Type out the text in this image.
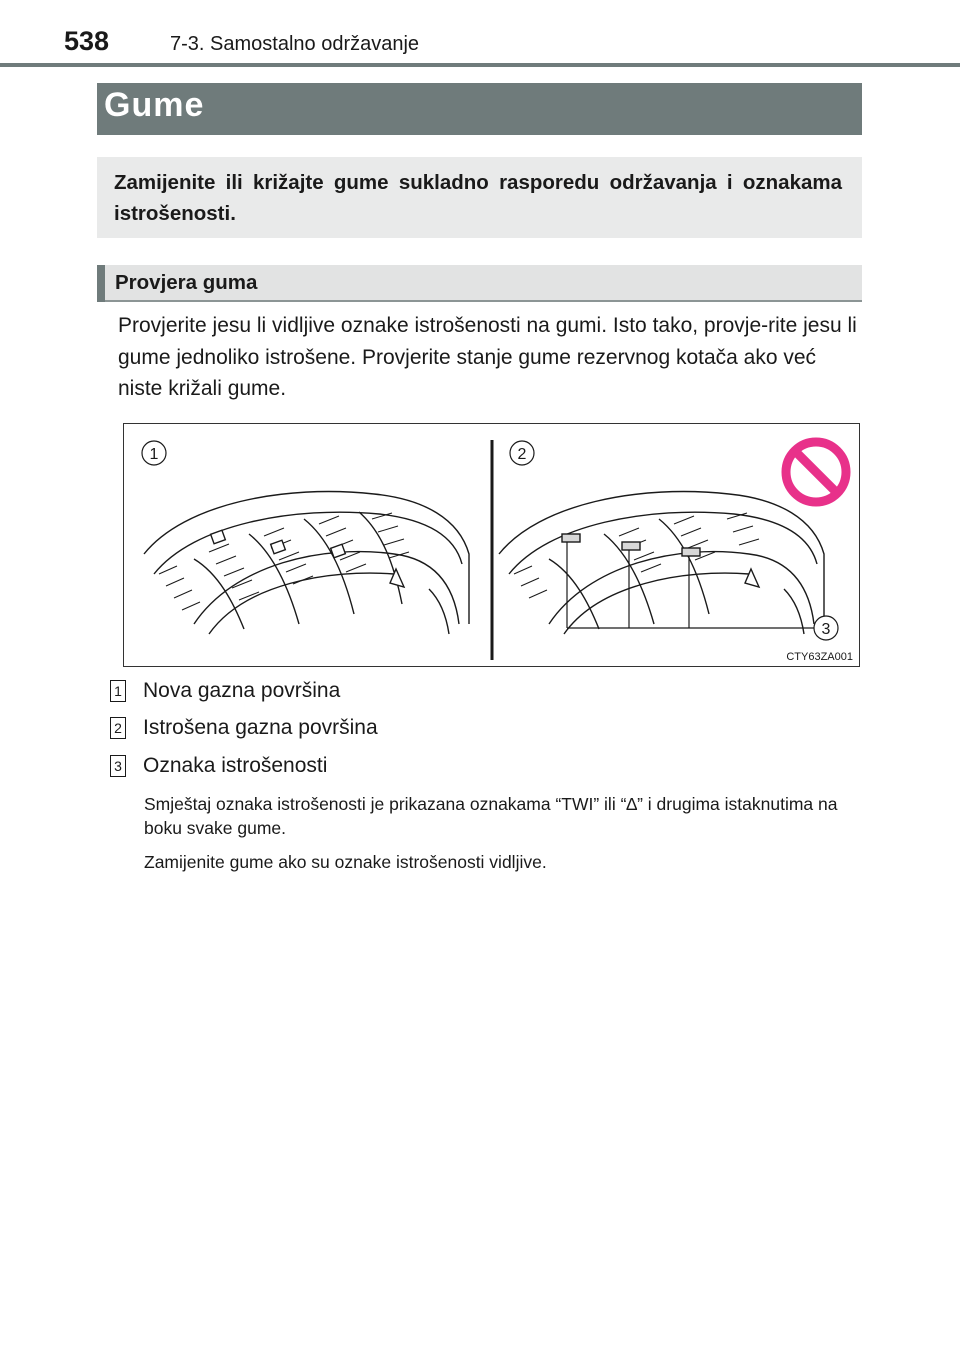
538	7-3. Samostalno održavanje
Gume

Zamijenite ili križajte gume sukladno rasporedu održavanja i oznakama istrošenosti.

Provjera guma

Provjerite jesu li vidljive oznake istrošenosti na gumi. Isto tako, provje-rite jesu li gume jednoliko istrošene. Provjerite stanje gume rezervnog kotača ako već niste križali gume.

1	2
3
CTY63ZA001
1 Nova gazna površina
2 Istrošena gazna površina
3 Oznaka istrošenosti

Smještaj oznaka istrošenosti je prikazana oznakama “TWI” ili “∆” i drugima istaknutima na boku svake gume.

Zamijenite gume ako su oznake istrošenosti vidljive.
